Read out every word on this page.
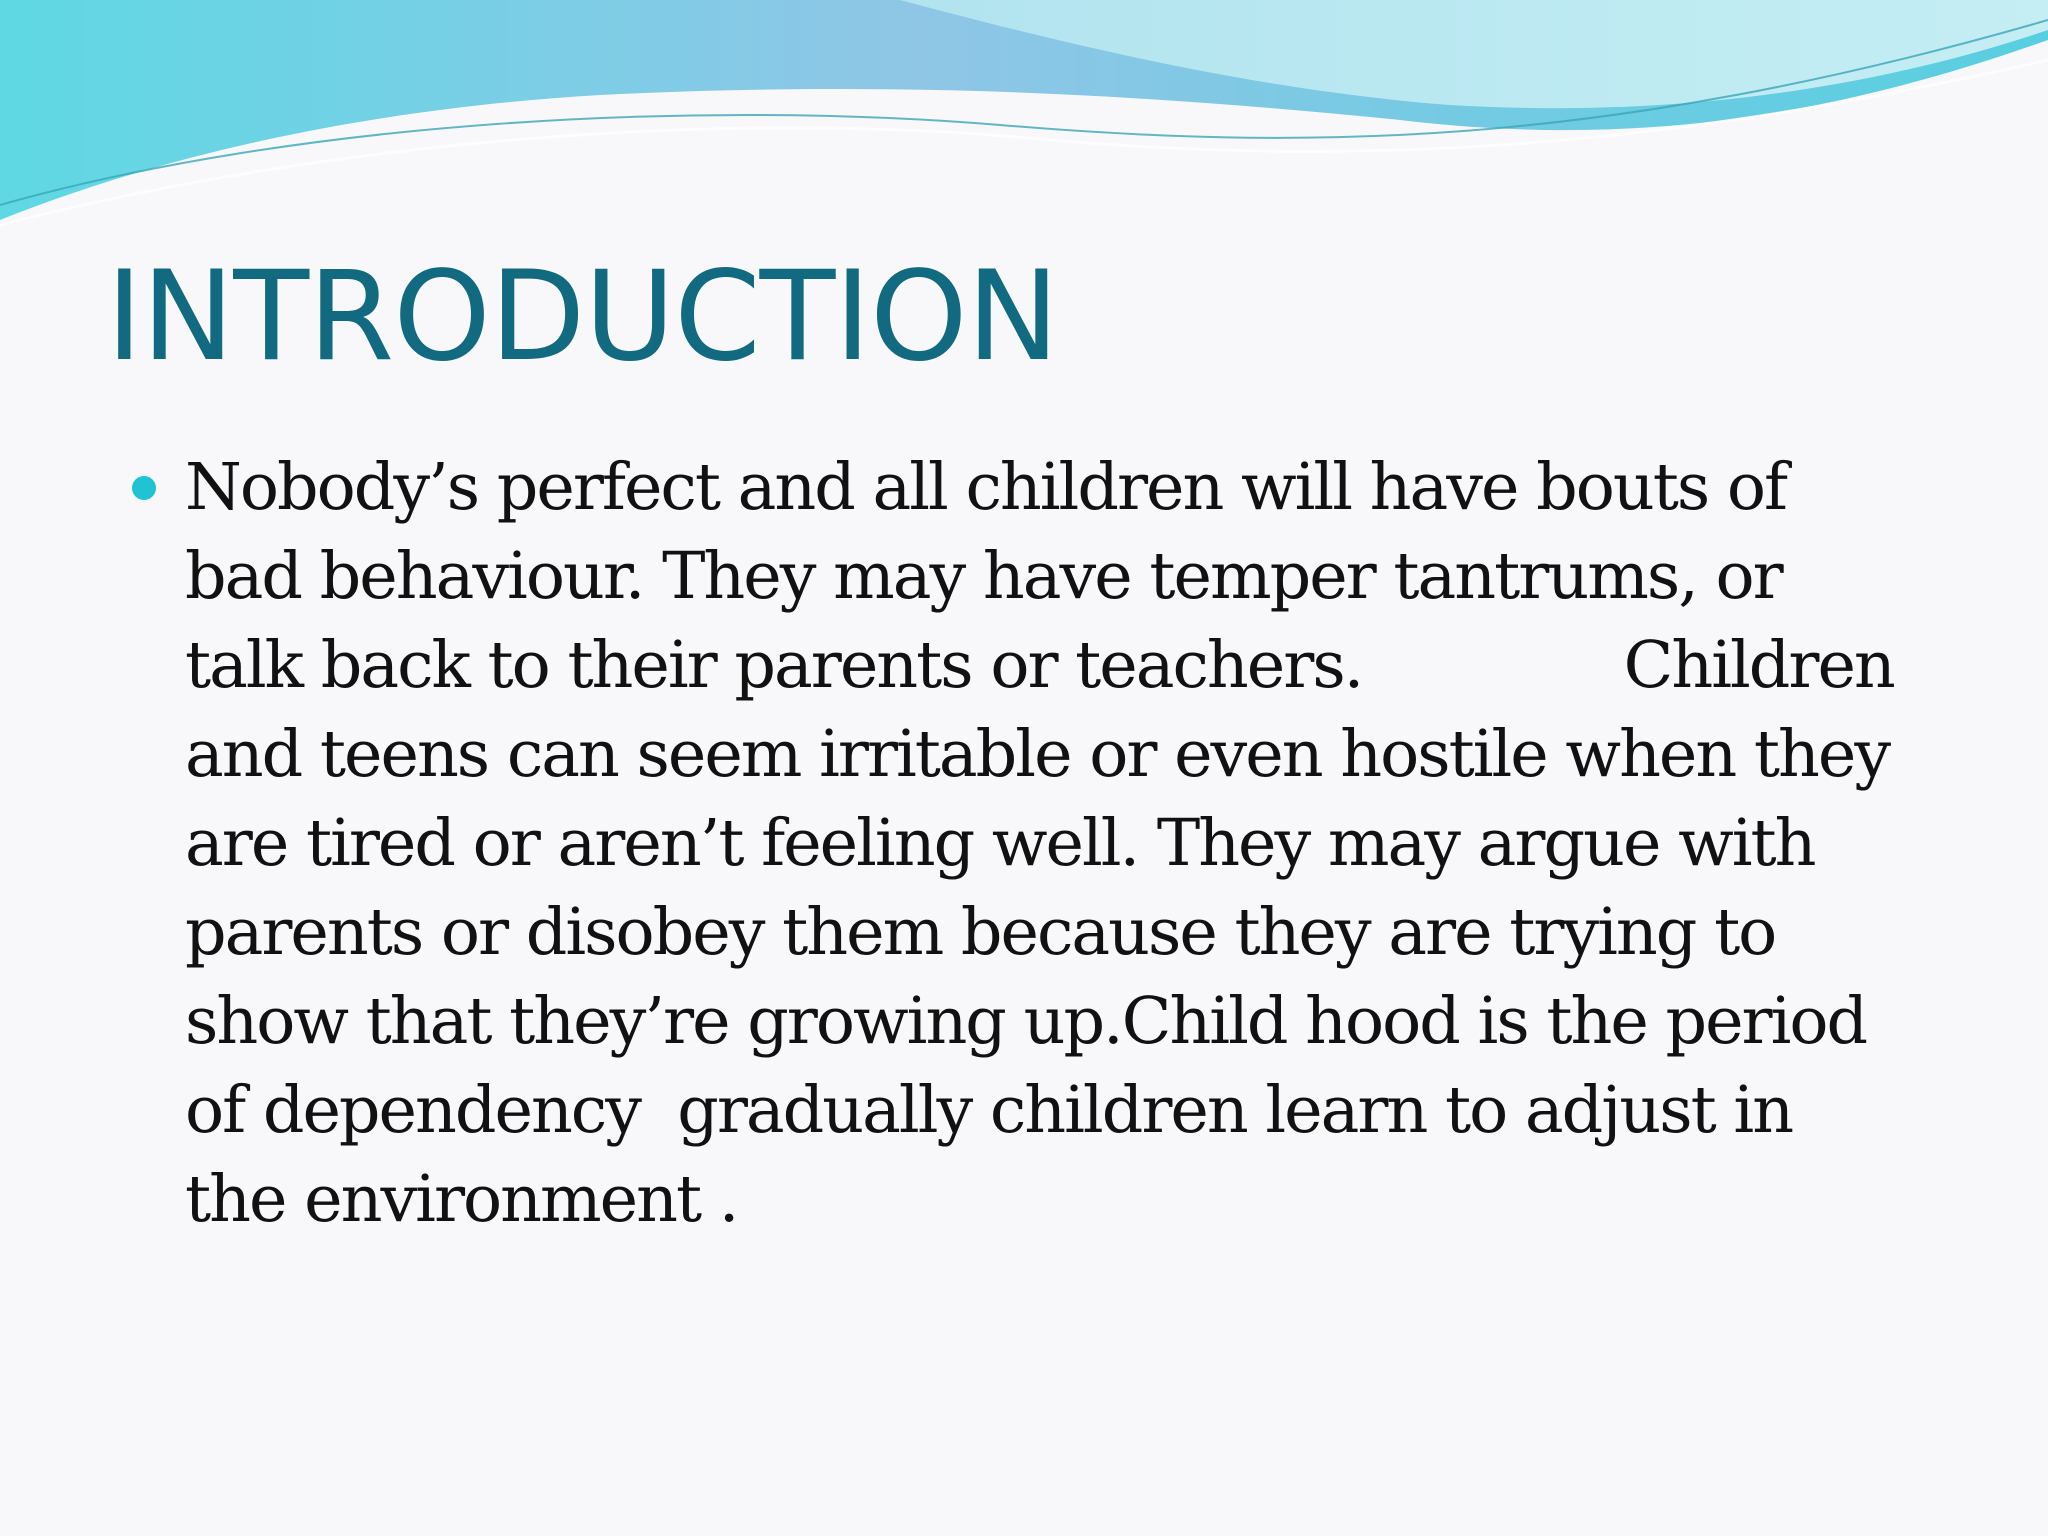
INTRODUCTION

Nobody’s perfect and all children will have bouts of

bad behaviour. They may have temper tantrums, or

talk back to their parents or teachers.              Children

and teens can seem irritable or even hostile when they

are tired or aren’t feeling well. They may argue with

parents or disobey them because they are trying to

show that they’re growing up.Child hood is the period

of dependency  gradually children learn to adjust in

the environment .
